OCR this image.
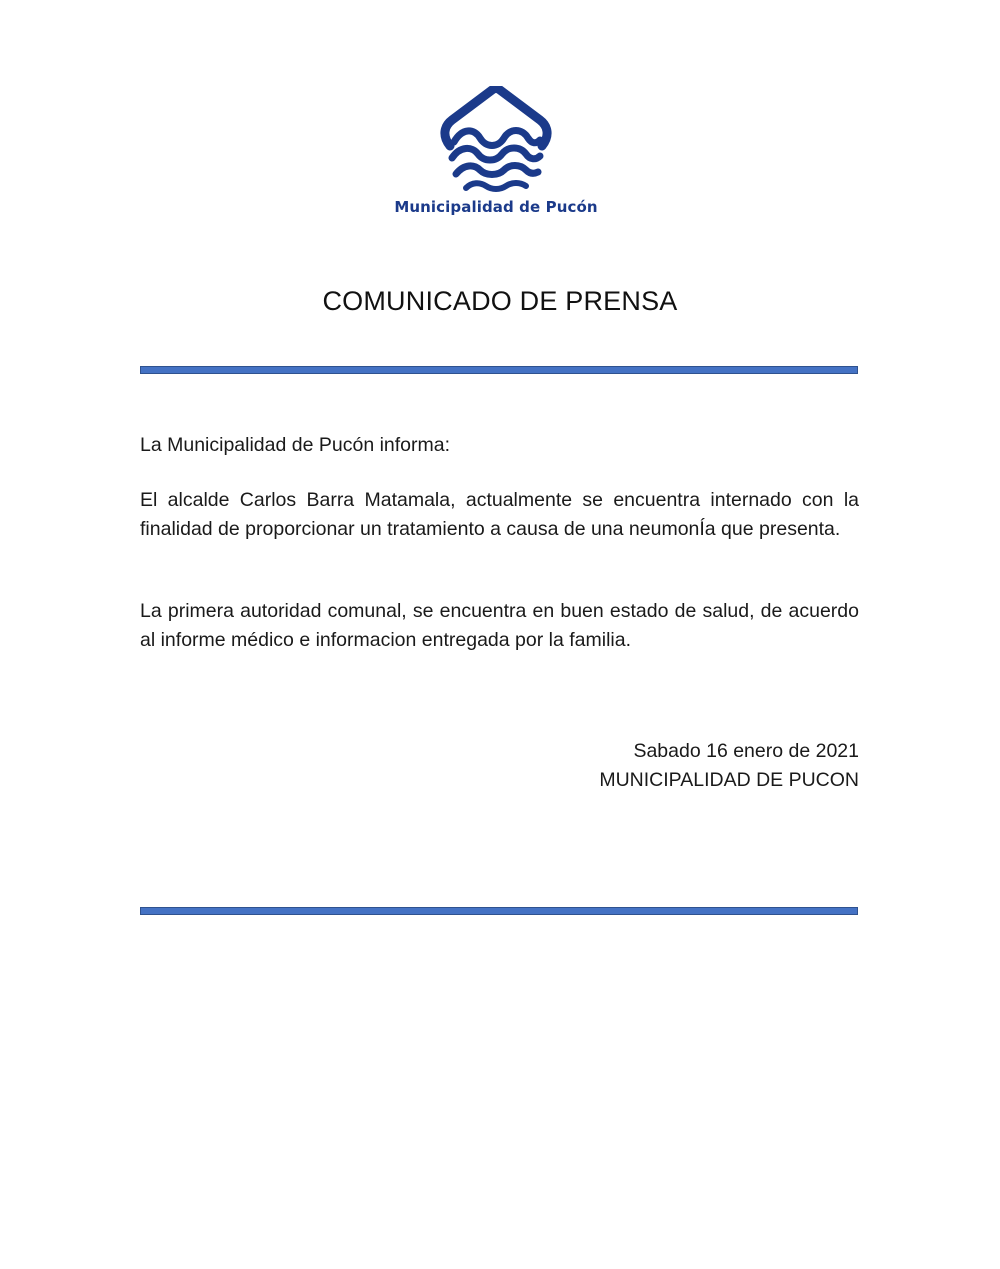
Municipalidad de Pucón
COMUNICADO DE PRENSA
La Municipalidad de Pucón informa:
El alcalde Carlos Barra Matamala, actualmente se encuentra internado con la finalidad de proporcionar un tratamiento a causa de una neumonÍa que presenta.
La primera autoridad comunal, se encuentra en buen estado de salud, de acuerdo al informe médico e informacion entregada por la familia.
Sabado 16 enero de 2021
MUNICIPALIDAD DE PUCON
